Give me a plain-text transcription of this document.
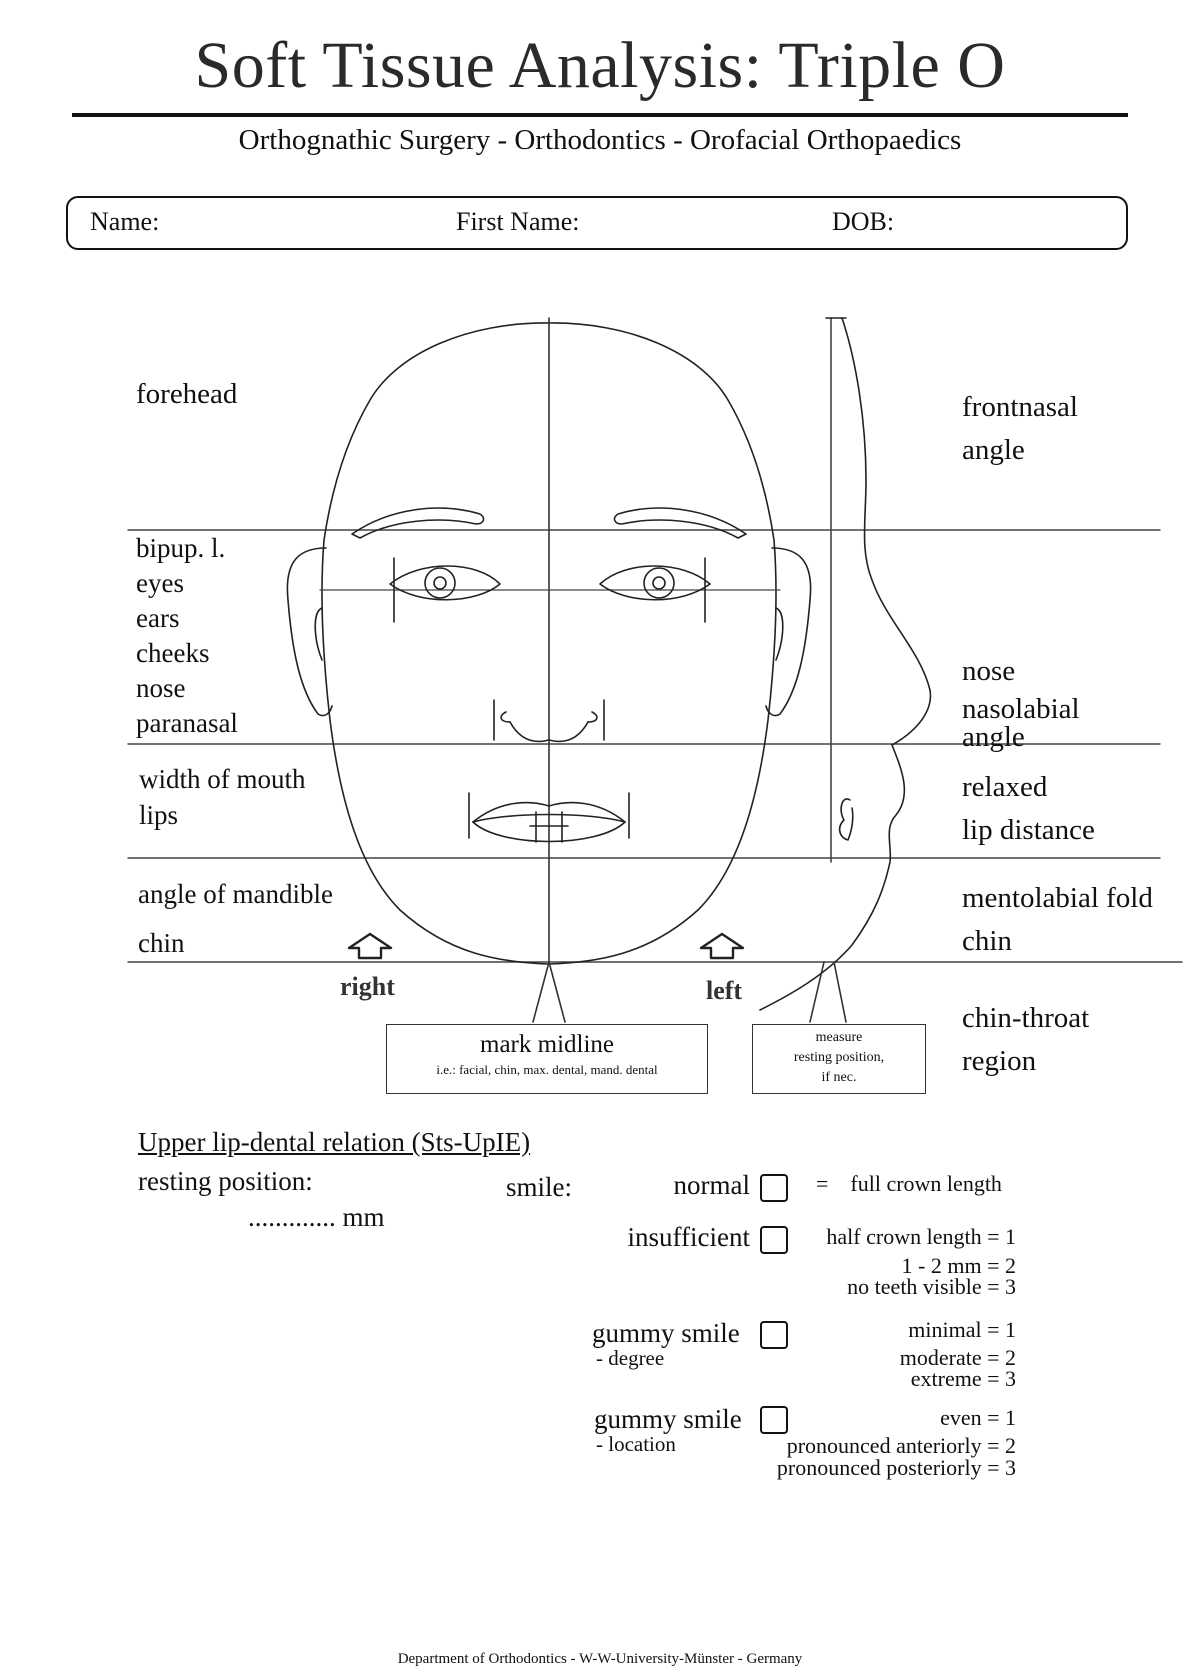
Soft Tissue Analysis: Triple O
Orthognathic Surgery - Orthodontics - Orofacial Orthopaedics
Name:	First Name:	DOB:
forehead
bipup. l.
eyes
ears
cheeks
nose
paranasal
width of mouth
lips
angle of mandible
chin
frontnasal
angle
nose
nasolabial
angle
relaxed
lip distance
mentolabial fold
chin
chin-throat
region
right	left
mark midline
i.e.: facial, chin, max. dental, mand. dental
measure
resting position,
if nec.
Upper lip-dental relation (Sts-UpIE)
resting position:
............. mm
smile:	normal	=    full crown length
insufficient	half crown length = 1
1 - 2 mm = 2
no teeth visible = 3
gummy smile
- degree
minimal = 1
moderate = 2
extreme = 3
gummy smile
- location
even = 1
pronounced anteriorly = 2
pronounced posteriorly = 3
Department of Orthodontics - W-W-University-Münster - Germany
